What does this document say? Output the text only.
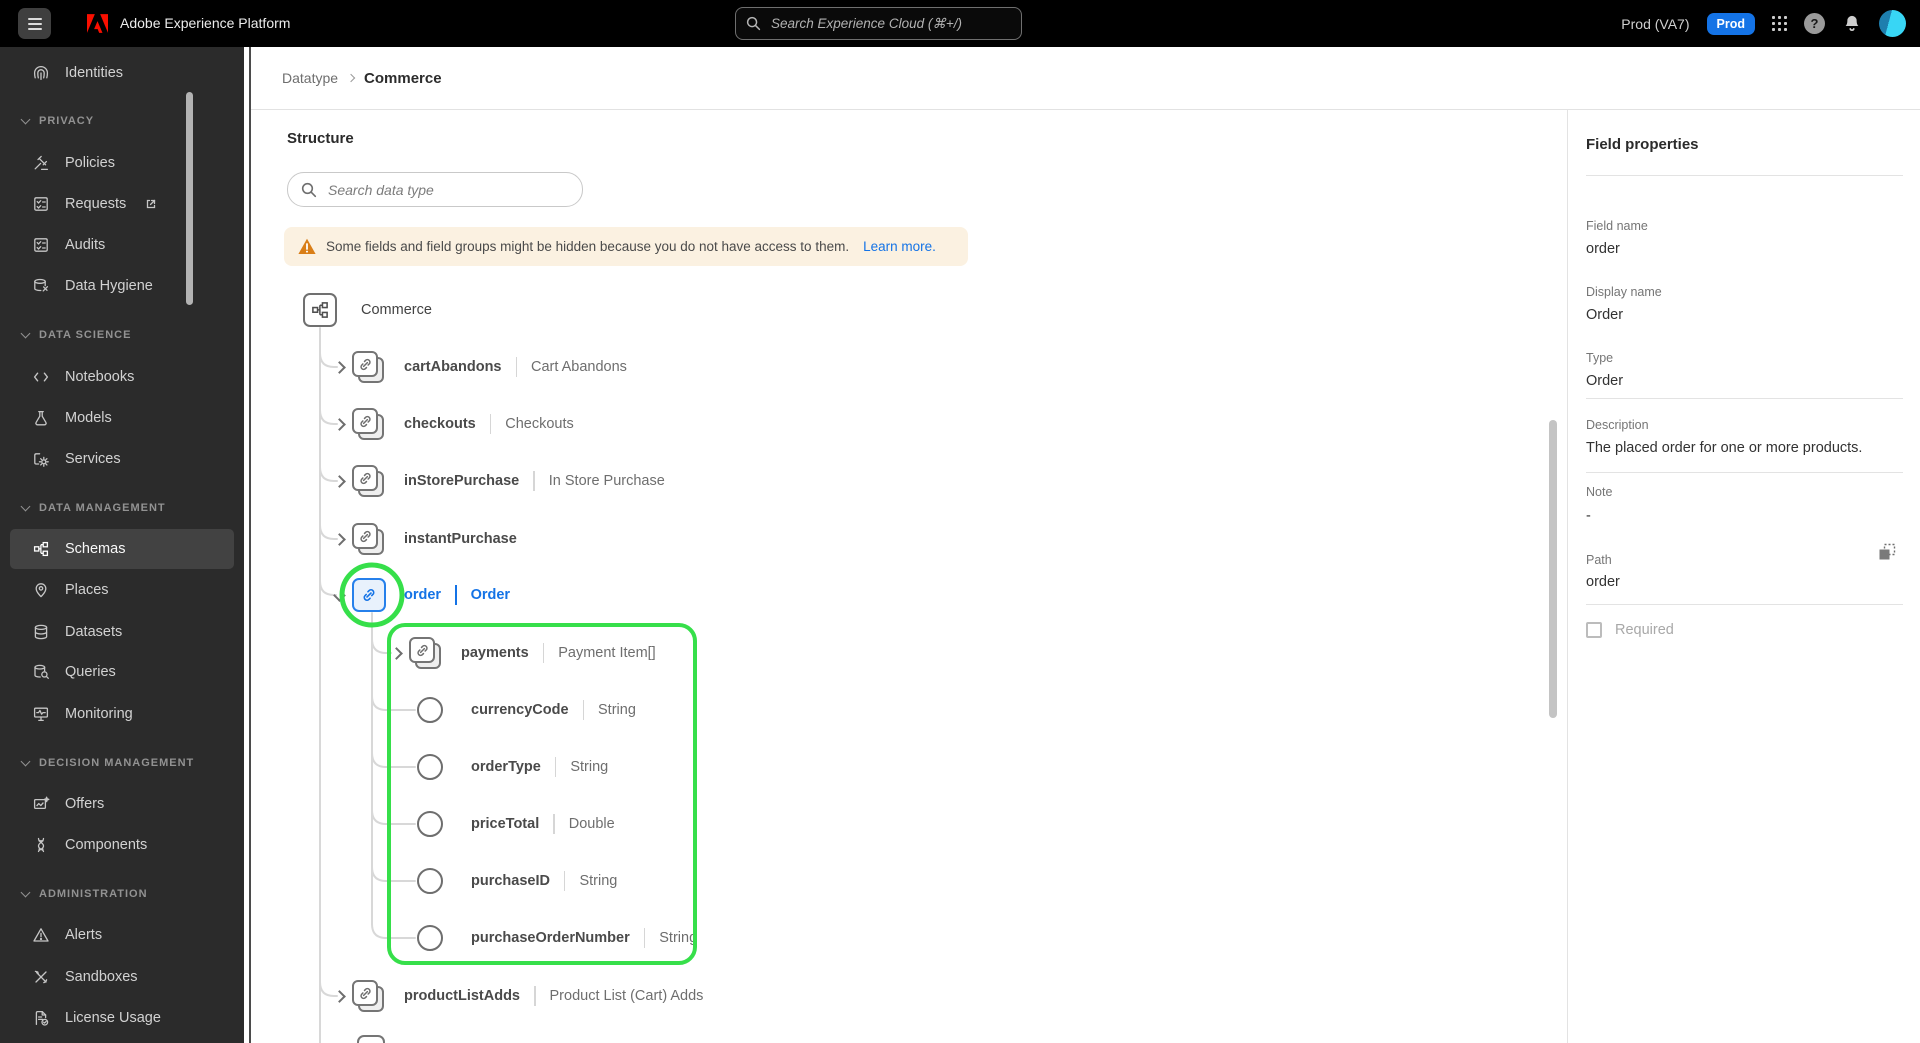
Adobe Experience Platform
Search Experience Cloud (⌘+/)	Prod (VA7)	Prod	?
Identities
PRIVACY
Policies
Requests
Audits
Data Hygiene
DATA SCIENCE
Notebooks
Models
Services
DATA MANAGEMENT
Schemas
Places
Datasets
Queries
Monitoring
DECISION MANAGEMENT
Offers
Components
ADMINISTRATION
Alerts
Sandboxes
License Usage
Datatype Commerce
Structure
Search data type
Some fields and field groups might be hidden because you do not have access to them. Learn more.
Commerce
cartAbandons Cart Abandons
checkouts Checkouts
inStorePurchase In Store Purchase
instantPurchase
order Order
payments Payment Item[]
currencyCode String
orderType String
priceTotal Double
purchaseID String
purchaseOrderNumber String
productListAdds Product List (Cart) Adds
Field properties
Field name
order
Display name
Order
Type
Order
Description
The placed order for one or more products.
Note
-
Path
order
Required
